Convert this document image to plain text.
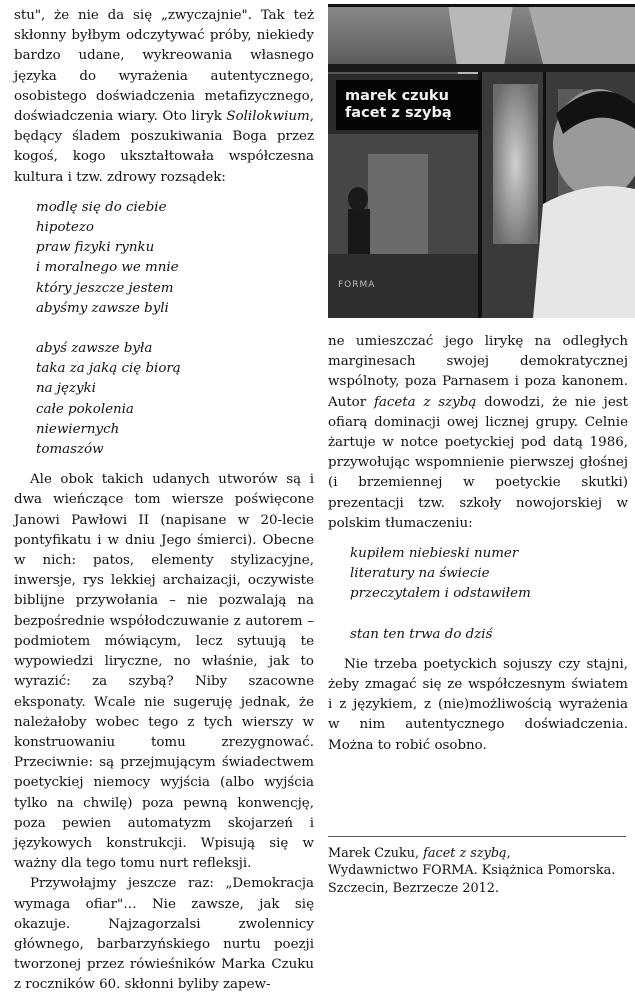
stu", że nie da się „zwyczajnie". Tak też skłonny byłbym odczytywać próby, niekiedy bardzo udane, wykreowania własnego języka do wyrażenia autentycznego, osobistego doświadczenia metafizycznego, doświadczenia wiary. Oto liryk Solilokwium, będący śladem poszukiwania Boga przez kogoś, kogo ukształtowała współczesna kultura i tzw. zdrowy rozsądek:

modlę się do ciebie
hipotezo
praw fizyki rynku
i moralnego we mnie
który jeszcze jestem
abyśmy zawsze byli
abyś zawsze była
taka za jaką cię biorą
na języki
całe pokolenia
niewiernych
tomaszów

Ale obok takich udanych utworów są i dwa wieńczące tom wiersze poświęcone Janowi Pawłowi II (napisane w 20-lecie pontyfikatu i w dniu Jego śmierci). Obecne w nich: patos, elementy stylizacyjne, inwersje, rys lekkiej archaizacji, oczywiste biblijne przywołania – nie pozwalają na bezpośrednie współodczuwanie z autorem – podmiotem mówiącym, lecz sytuują te wypowiedzi liryczne, no właśnie, jak to wyrazić: za szybą? Niby szacowne eksponaty. Wcale nie sugeruję jednak, że należałoby wobec tego z tych wierszy w konstruowaniu tomu zrezygnować. Przeciwnie: są przejmującym świadectwem poetyckiej niemocy wyjścia (albo wyjścia tylko na chwilę) poza pewną konwencję, poza pewien automatyzm skojarzeń i językowych konstrukcji. Wpisują się w ważny dla tego tomu nurt refleksji.

Przywołajmy jeszcze raz: „Demokracja wymaga ofiar"… Nie zawsze, jak się okazuje. Najzagorzalsi zwolennicy głównego, barbarzyńskiego nurtu poezji tworzonej przez rówieśników Marka Czuku z roczników 60. skłonni byliby zapew-

marek czuku
facet z szybą
FORMA

ne umieszczać jego lirykę na odległych marginesach swojej demokratycznej wspólnoty, poza Parnasem i poza kanonem. Autor faceta z szybą dowodzi, że nie jest ofiarą dominacji owej licznej grupy. Celnie żartuje w notce poetyckiej pod datą 1986, przywołując wspomnienie pierwszej głośnej (i brzemiennej w poetyckie skutki) prezentacji tzw. szkoły nowojorskiej w polskim tłumaczeniu:

kupiłem niebieski numer
literatury na świecie
przeczytałem i odstawiłem
stan ten trwa do dziś

Nie trzeba poetyckich sojuszy czy stajni, żeby zmagać się ze współczesnym światem i z językiem, z (nie)możliwością wyrażenia w nim autentycznego doświadczenia. Można to robić osobno.

Marek Czuku, facet z szybą,
Wydawnictwo FORMA. Książnica Pomorska.
Szczecin, Bezrzecze 2012.
